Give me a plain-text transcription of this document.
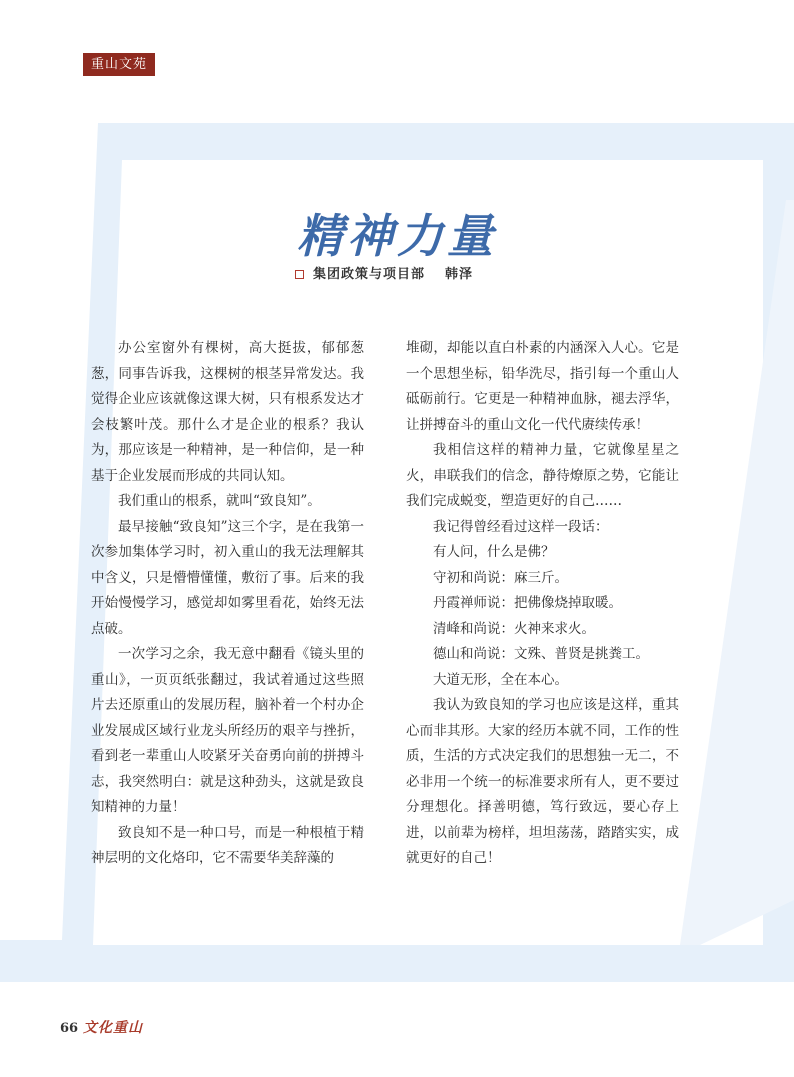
重山文苑
精神力量
集团政策与项目部 韩泽

办公室窗外有棵树，高大挺拔，郁郁葱葱，同事告诉我，这棵树的根茎异常发达。我觉得企业应该就像这课大树，只有根系发达才会枝繁叶茂。那什么才是企业的根系？我认为，那应该是一种精神，是一种信仰，是一种基于企业发展而形成的共同认知。

我们重山的根系，就叫“致良知”。

最早接触“致良知”这三个字，是在我第一次参加集体学习时，初入重山的我无法理解其中含义，只是懵懵懂懂，敷衍了事。后来的我开始慢慢学习，感觉却如雾里看花，始终无法点破。

一次学习之余，我无意中翻看《镜头里的重山》，一页页纸张翻过，我试着通过这些照片去还原重山的发展历程，脑补着一个村办企业发展成区域行业龙头所经历的艰辛与挫折，看到老一辈重山人咬紧牙关奋勇向前的拼搏斗志，我突然明白：就是这种劲头，这就是致良知精神的力量！

致良知不是一种口号，而是一种根植于精神层明的文化烙印，它不需要华美辞藻的

堆砌，却能以直白朴素的内涵深入人心。它是一个思想坐标，铅华洗尽，指引每一个重山人砥砺前行。它更是一种精神血脉，褪去浮华，让拼搏奋斗的重山文化一代代赓续传承！

我相信这样的精神力量，它就像星星之火，串联我们的信念，静待燎原之势，它能让我们完成蜕变，塑造更好的自己……

我记得曾经看过这样一段话：

有人问，什么是佛？

守初和尚说：麻三斤。

丹霞禅师说：把佛像烧掉取暖。

清峰和尚说：火神来求火。

德山和尚说：文殊、普贤是挑粪工。

大道无形，全在本心。

我认为致良知的学习也应该是这样，重其心而非其形。大家的经历本就不同，工作的性质，生活的方式决定我们的思想独一无二，不必非用一个统一的标准要求所有人，更不要过分理想化。择善明德，笃行致远，要心存上进，以前辈为榜样，坦坦荡荡，踏踏实实，成就更好的自己！

66 文化重山
